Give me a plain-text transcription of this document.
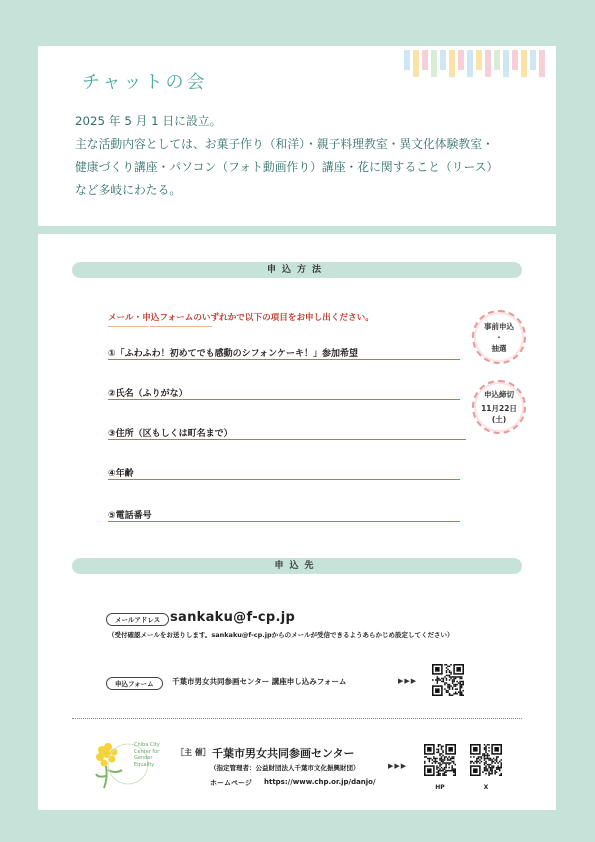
チャットの会
2025 年 5 月 1 日に設立。
主な活動内容としては、お菓子作り（和洋）・親子料理教室・異文化体験教室・
健康づくり講座・パソコン（フォト動画作り）講座・花に関すること（リース）
など多岐にわたる。
申込方法
メール・申込フォームのいずれかで以下の項目をお申し出ください。
①「ふわふわ！初めてでも感動のシフォンケーキ！」参加希望
②氏名（ふりがな）
③住所（区もしくは町名まで）
④年齢
⑤電話番号
事前申込
・
抽選
申込締切
11月22日(土)
申込先
メールアドレス sankaku@f-cp.jp
（受付確認メールをお送りします。sankaku@f-cp.jpからのメールが受信できるようあらかじめ設定してください）
申込フォーム	千葉市男女共同参画センター 講座申し込みフォーム	▶▶▶
Chiba City
Center for
Gender
Equality
［主 催］ 千葉市男女共同参画センター
（指定管理者：公益財団法人千葉市文化振興財団）
ホームページ https://www.chp.or.jp/danjo/
▶▶▶
HP	X
